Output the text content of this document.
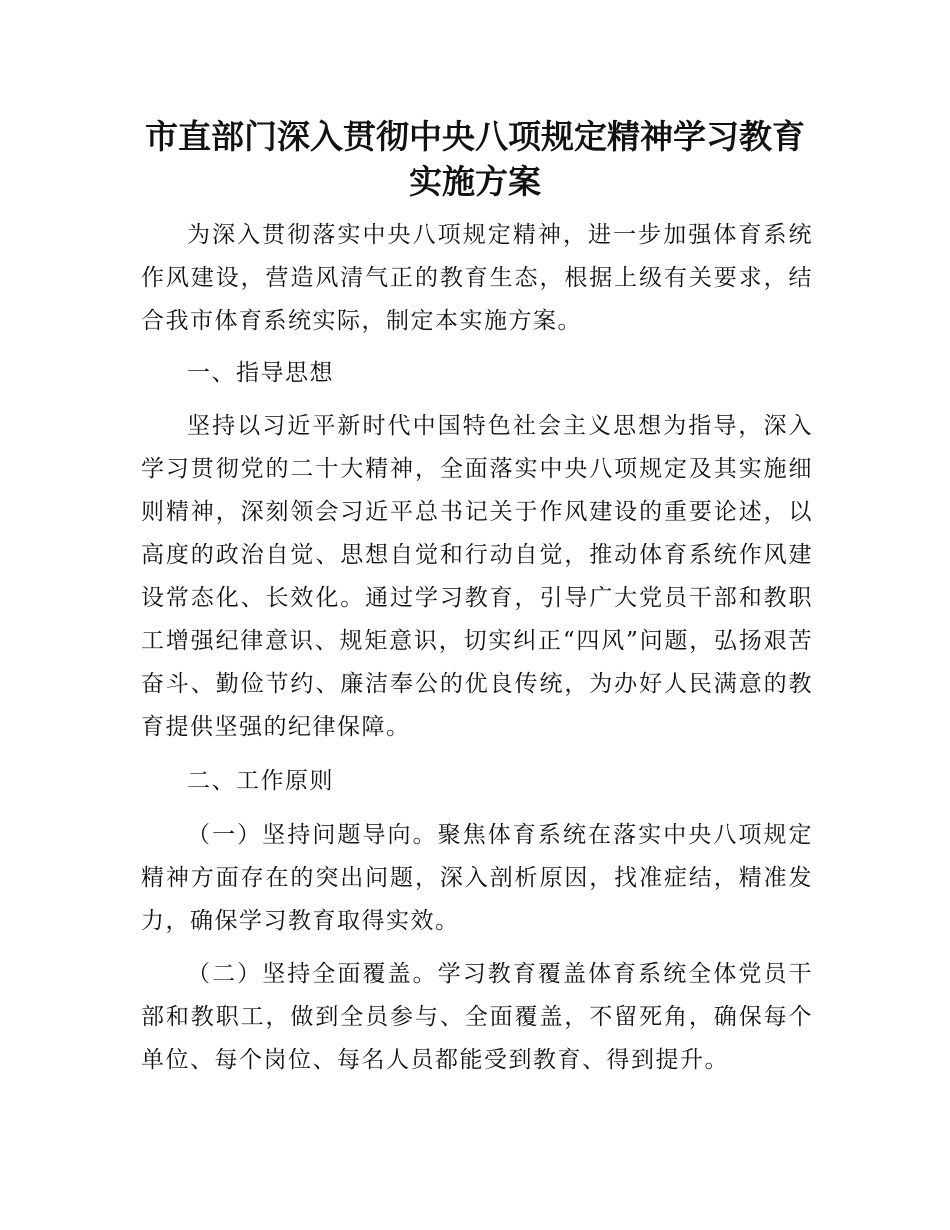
市直部门深入贯彻中央八项规定精神学习教育
实施方案

为深入贯彻落实中央八项规定精神，进一步加强体育系统作风建设，营造风清气正的教育生态，根据上级有关要求，结合我市体育系统实际，制定本实施方案。

一、指导思想

坚持以习近平新时代中国特色社会主义思想为指导，深入学习贯彻党的二十大精神，全面落实中央八项规定及其实施细则精神，深刻领会习近平总书记关于作风建设的重要论述，以高度的政治自觉、思想自觉和行动自觉，推动体育系统作风建设常态化、长效化。通过学习教育，引导广大党员干部和教职工增强纪律意识、规矩意识，切实纠正“四风”问题，弘扬艰苦奋斗、勤俭节约、廉洁奉公的优良传统，为办好人民满意的教育提供坚强的纪律保障。

二、工作原则

（一）坚持问题导向。聚焦体育系统在落实中央八项规定精神方面存在的突出问题，深入剖析原因，找准症结，精准发力，确保学习教育取得实效。

（二）坚持全面覆盖。学习教育覆盖体育系统全体党员干部和教职工，做到全员参与、全面覆盖，不留死角，确保每个单位、每个岗位、每名人员都能受到教育、得到提升。
